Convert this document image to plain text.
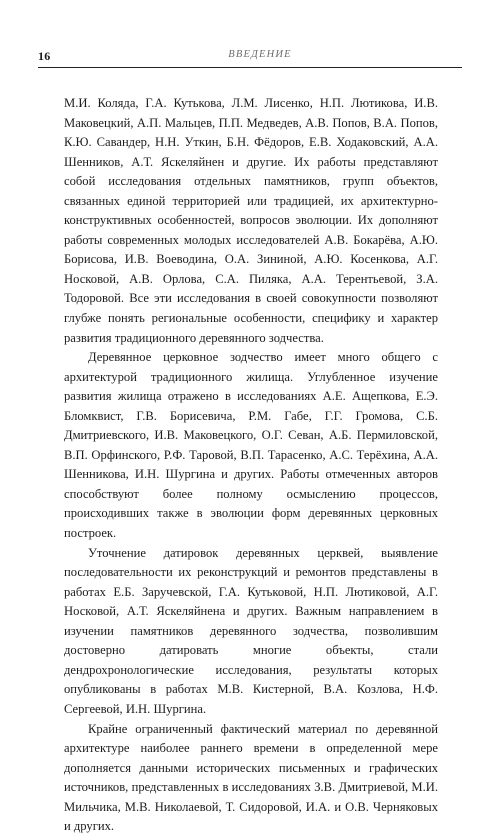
16	ВВЕДЕНИЕ

М.И. Коляда, Г.А. Кутькова, Л.М. Лисенко, Н.П. Лютикова, И.В. Маковецкий, А.П. Мальцев, П.П. Медведев, А.В. Попов, В.А. Попов, К.Ю. Савандер, Н.Н. Уткин, Б.Н. Фёдоров, Е.В. Ходаковский, А.А. Шенников, А.Т. Яскеляйнен и другие. Их работы представляют собой исследования отдельных памятников, групп объектов, связанных единой территорией или традицией, их архитектурно-конструктивных особенностей, вопросов эволюции. Их дополняют работы современных молодых исследователей А.В. Бокарёва, А.Ю. Борисова, И.В. Воеводина, О.А. Зининой, А.Ю. Косенкова, А.Г. Носковой, А.В. Орлова, С.А. Пиляка, А.А. Терентьевой, З.А. Тодоровой. Все эти исследования в своей совокупности позволяют глубже понять региональные особенности, специфику и характер развития традиционного деревянного зодчества.

Деревянное церковное зодчество имеет много общего с архитектурой традиционного жилища. Углубленное изучение развития жилища отражено в исследованиях А.Е. Ащепкова, Е.Э. Бломквист, Г.В. Борисевича, Р.М. Габе, Г.Г. Громова, С.Б. Дмитриевского, И.В. Маковецкого, О.Г. Севан, А.Б. Пермиловской, В.П. Орфинского, Р.Ф. Таровой, В.П. Тарасенко, А.С. Терёхина, А.А. Шенникова, И.Н. Шургина и других. Работы отмеченных авторов способствуют более полному осмыслению процессов, происходивших также в эволюции форм деревянных церковных построек.

Уточнение датировок деревянных церквей, выявление последовательности их реконструкций и ремонтов представлены в работах Е.Б. Заручевской, Г.А. Кутьковой, Н.П. Лютиковой, А.Г. Носковой, А.Т. Яскеляйнена и других. Важным направлением в изучении памятников деревянного зодчества, позволившим достоверно датировать многие объекты, стали дендрохронологические исследования, результаты которых опубликованы в работах М.В. Кистерной, В.А. Козлова, Н.Ф. Сергеевой, И.Н. Шургина.

Крайне ограниченный фактический материал по деревянной архитектуре наиболее раннего времени в определенной мере дополняется данными исторических письменных и графических источников, представленных в исследованиях З.В. Дмитриевой, М.И. Мильчика, М.В. Николаевой, Т. Сидоровой, И.А. и О.В. Черняковых и других.
